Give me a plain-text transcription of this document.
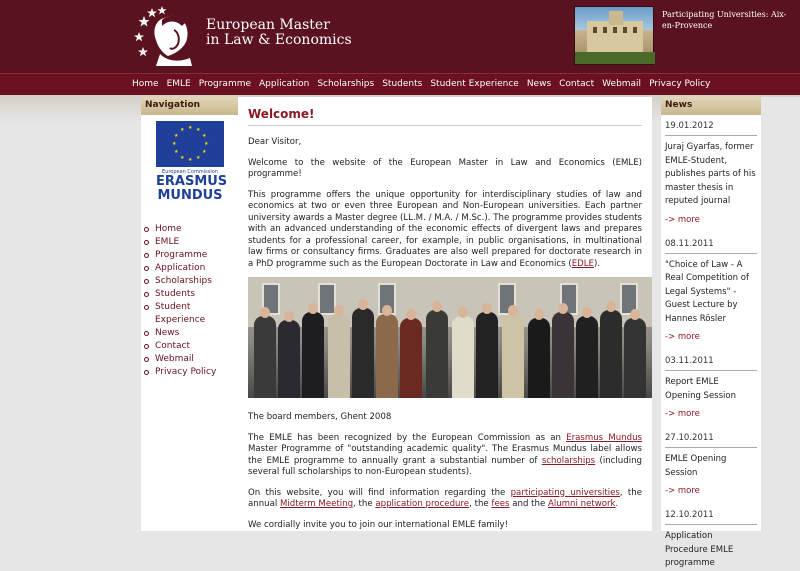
European Master
in Law & Economics
Participating Universities: Aix-en-Provence
Home EMLE Programme Application Scholarships Students Student Experience News Contact Webmail Privacy Policy
Navigation
★ ★
★
★
★
★
★
★
★
★
★
★
European Commission
ERASMUS
MUNDUS
Home
EMLE
Programme
Application
Scholarships
Students
Student
Experience
News
Contact
Webmail
Privacy Policy
Welcome!

Dear Visitor,

Welcome to the website of the European Master in Law and Economics (EMLE) programme!

This programme offers the unique opportunity for interdisciplinary studies of law and economics at two or even three European and Non-European universities. Each partner university awards a Master degree (LL.M. / M.A. / M.Sc.). The programme provides students with an advanced understanding of the economic effects of divergent laws and prepares students for a professional career, for example, in public organisations, in multinational law firms or consultancy firms. Graduates are also well prepared for doctorate research in a PhD programme such as the European Doctorate in Law and Economics (EDLE).

The board members, Ghent 2008

The EMLE has been recognized by the European Commission as an Erasmus Mundus Master Programme of "outstanding academic quality". The Erasmus Mundus label allows the EMLE programme to annually grant a substantial number of scholarships (including several full scholarships to non-European students).

On this website, you will find information regarding the participating universities, the annual Midterm Meeting, the application procedure, the fees and the Alumni network.

We cordially invite you to join our international EMLE family!

News
19.01.2012
Juraj Gyarfas, former EMLE-Student, publishes parts of his master thesis in reputed journal
-> more
08.11.2011
"Choice of Law - A Real Competition of Legal Systems" - Guest Lecture by Hannes Rösler
-> more
03.11.2011
Report EMLE Opening Session
-> more
27.10.2011
EMLE Opening Session
-> more
12.10.2011
Application Procedure EMLE programme
